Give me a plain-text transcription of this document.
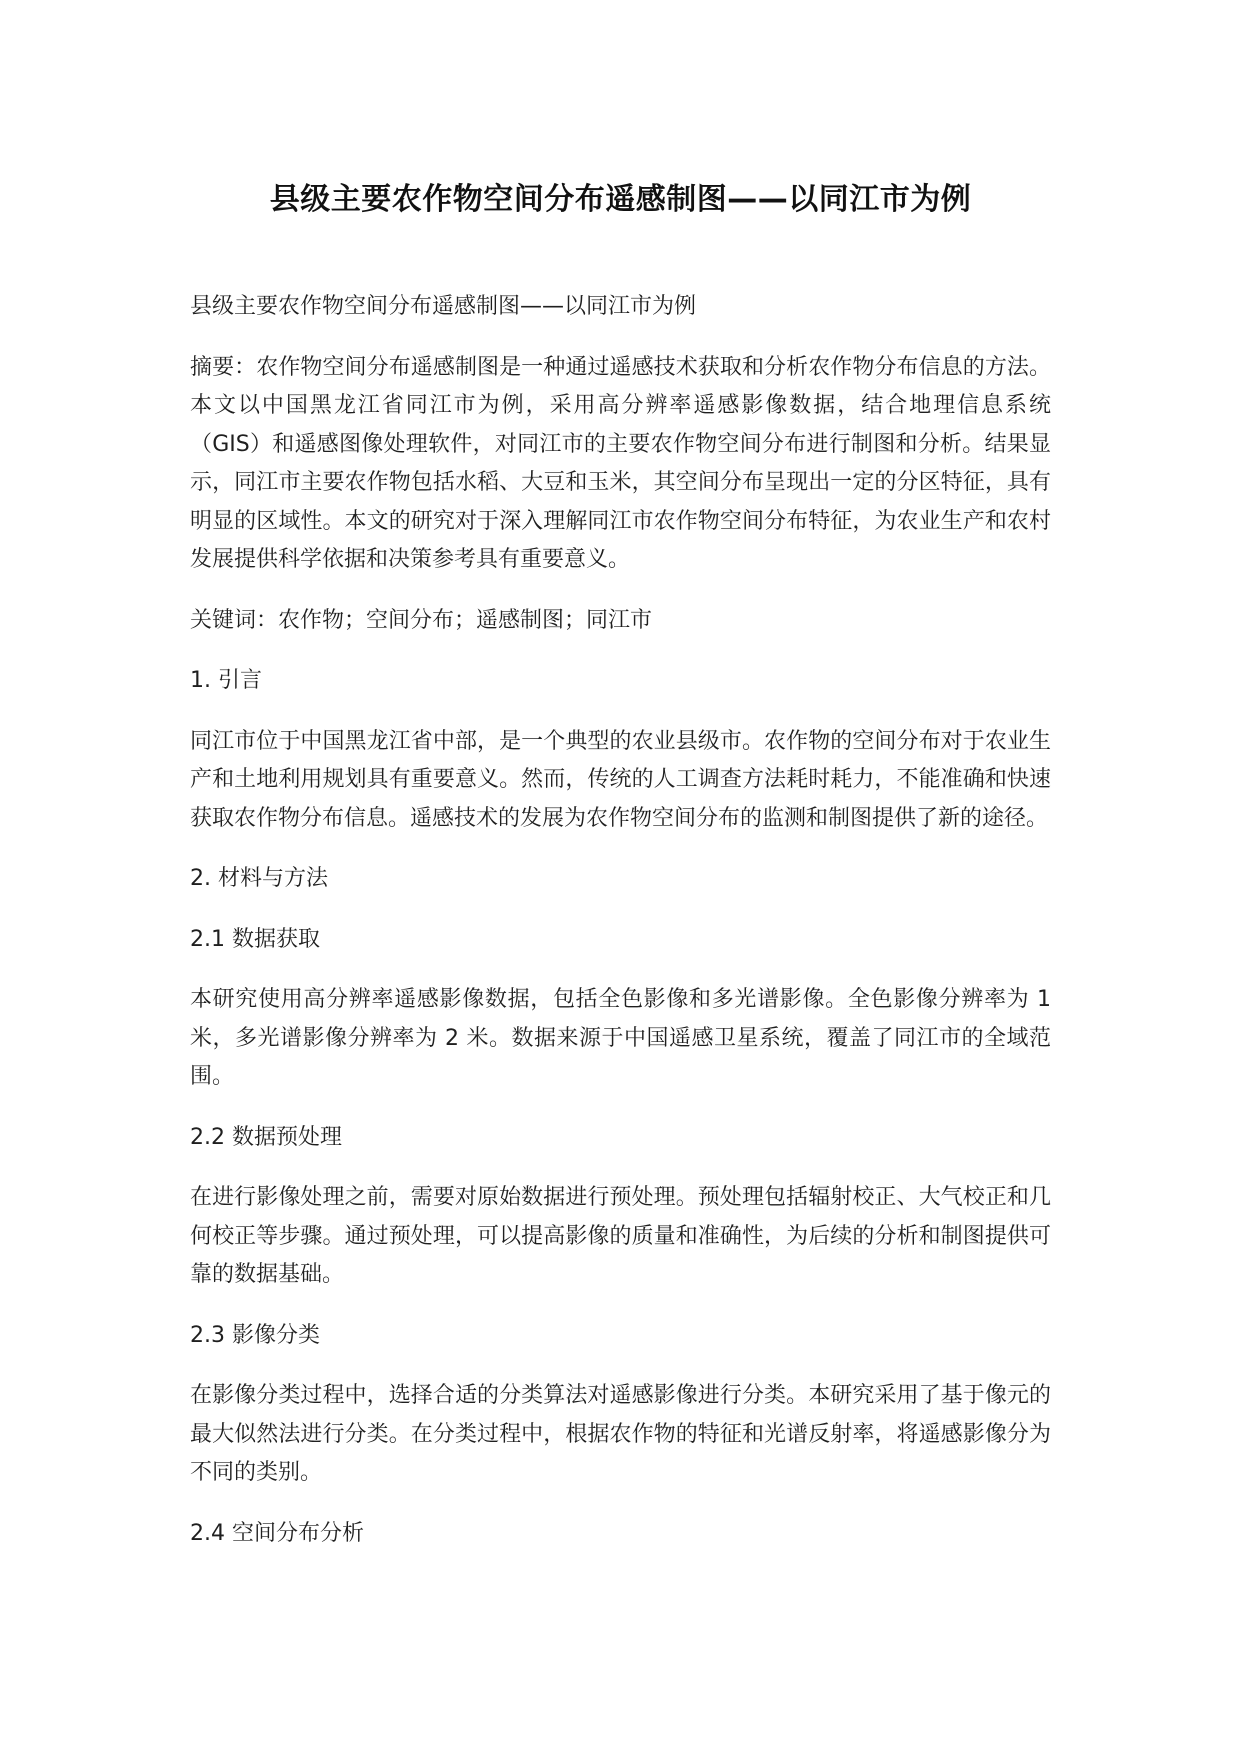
县级主要农作物空间分布遥感制图——以同江市为例

县级主要农作物空间分布遥感制图——以同江市为例

摘要：农作物空间分布遥感制图是一种通过遥感技术获取和分析农作物分布信息的方法。本文以中国黑龙江省同江市为例，采用高分辨率遥感影像数据，结合地理信息系统（GIS）和遥感图像处理软件，对同江市的主要农作物空间分布进行制图和分析。结果显示，同江市主要农作物包括水稻、大豆和玉米，其空间分布呈现出一定的分区特征，具有明显的区域性。本文的研究对于深入理解同江市农作物空间分布特征，为农业生产和农村发展提供科学依据和决策参考具有重要意义。

关键词：农作物；空间分布；遥感制图；同江市

1. 引言

同江市位于中国黑龙江省中部，是一个典型的农业县级市。农作物的空间分布对于农业生产和土地利用规划具有重要意义。然而，传统的人工调查方法耗时耗力，不能准确和快速获取农作物分布信息。遥感技术的发展为农作物空间分布的监测和制图提供了新的途径。

2. 材料与方法

2.1 数据获取

本研究使用高分辨率遥感影像数据，包括全色影像和多光谱影像。全色影像分辨率为 1 米，多光谱影像分辨率为 2 米。数据来源于中国遥感卫星系统，覆盖了同江市的全域范围。

2.2 数据预处理

在进行影像处理之前，需要对原始数据进行预处理。预处理包括辐射校正、大气校正和几何校正等步骤。通过预处理，可以提高影像的质量和准确性，为后续的分析和制图提供可靠的数据基础。

2.3 影像分类

在影像分类过程中，选择合适的分类算法对遥感影像进行分类。本研究采用了基于像元的最大似然法进行分类。在分类过程中，根据农作物的特征和光谱反射率，将遥感影像分为不同的类别。

2.4 空间分布分析
